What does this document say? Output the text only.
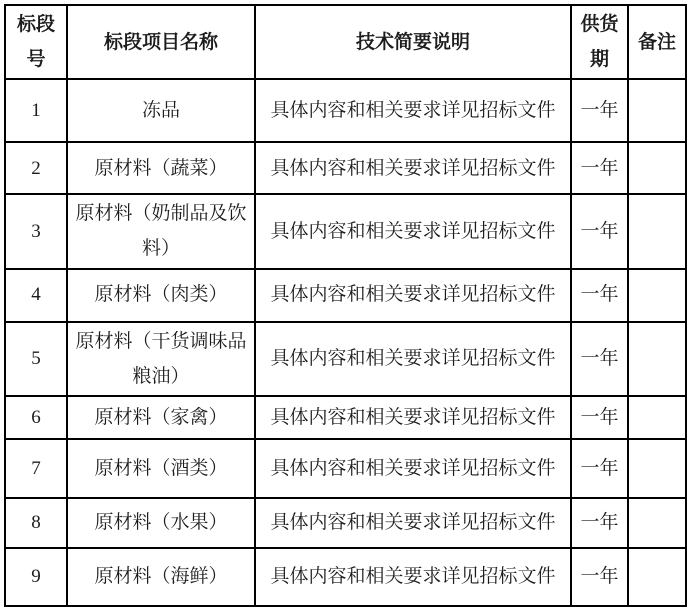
标段号	标段项目名称	技术简要说明	供货期	备注
1	冻品	具体内容和相关要求详见招标文件	一年	
2	原材料（蔬菜）	具体内容和相关要求详见招标文件	一年	
3	原材料（奶制品及饮料）	具体内容和相关要求详见招标文件	一年	
4	原材料（肉类）	具体内容和相关要求详见招标文件	一年	
5	原材料（干货调味品粮油）	具体内容和相关要求详见招标文件	一年	
6	原材料（家禽）	具体内容和相关要求详见招标文件	一年	
7	原材料（酒类）	具体内容和相关要求详见招标文件	一年	
8	原材料（水果）	具体内容和相关要求详见招标文件	一年	
9	原材料（海鲜）	具体内容和相关要求详见招标文件	一年	
